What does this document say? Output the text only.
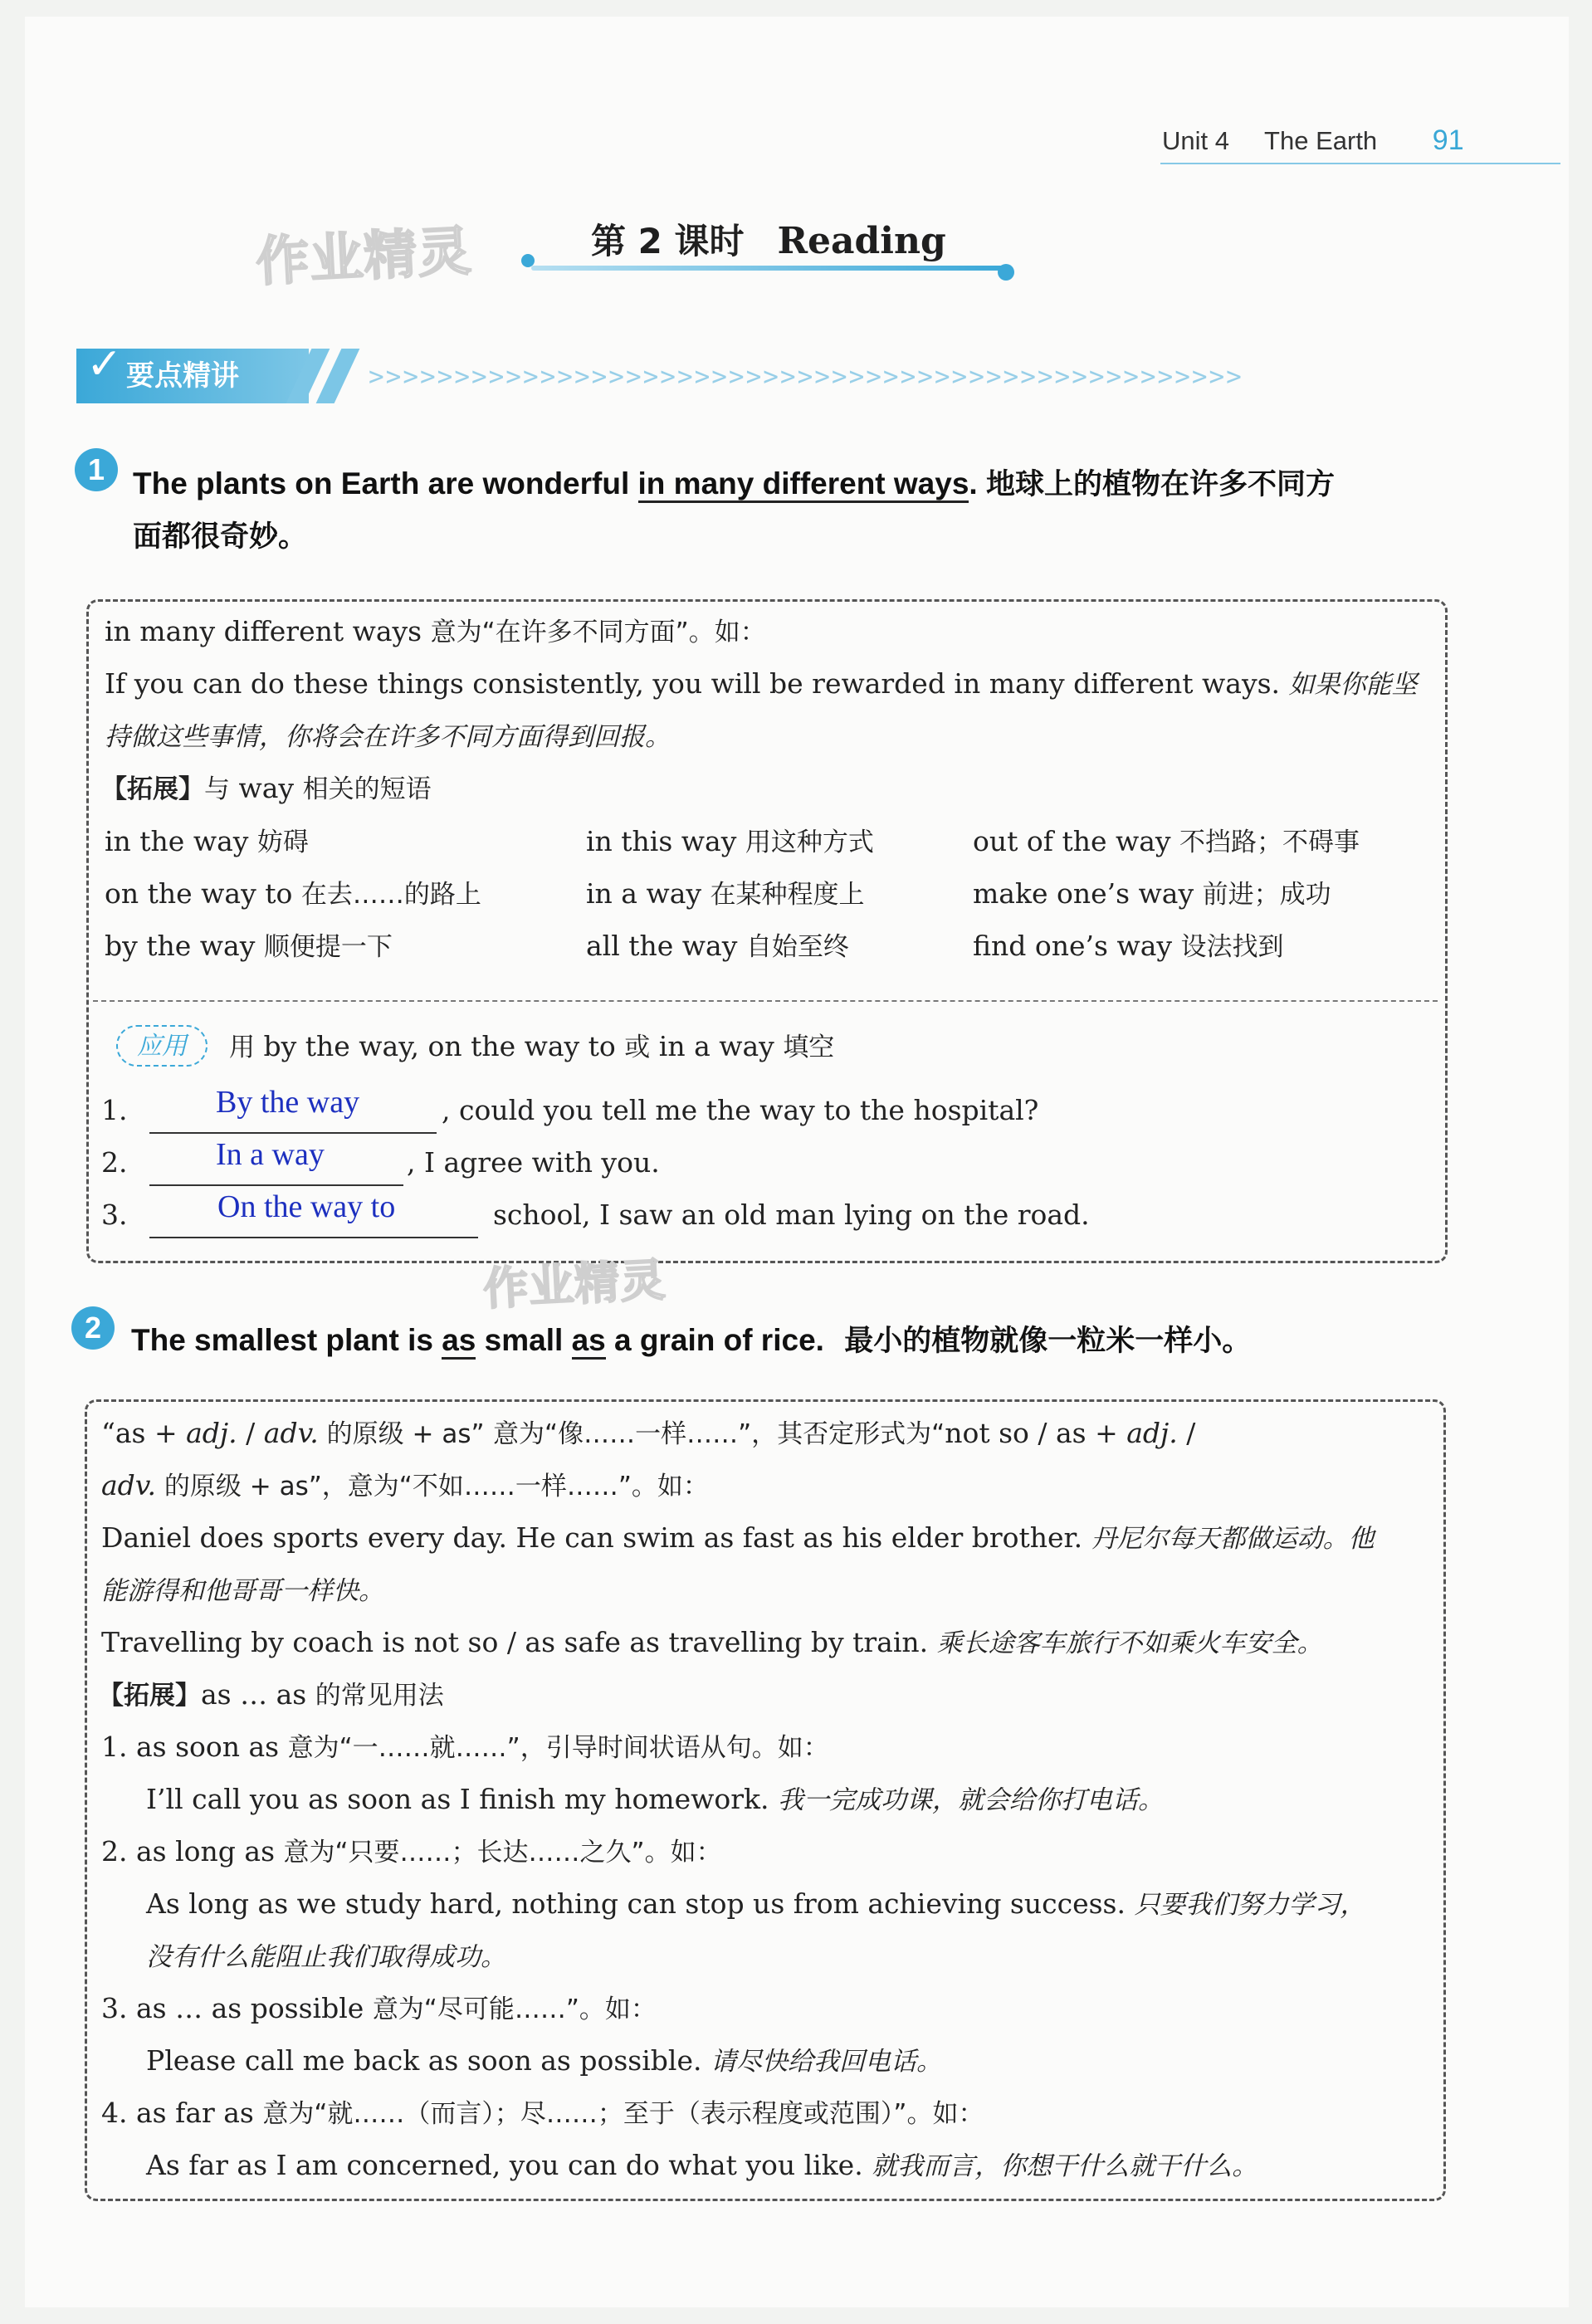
Unit 4 The Earth 91
作业精灵	第 2 课时 Reading
✓ 要点精讲	>>>>>>>>>>>>>>>>>>>>>>>>>>>>>>>>>>>>>>>>>>>>>>>>>>>
1 The plants on Earth are wonderful in many different ways. 地球上的植物在许多不同方
面都很奇妙。
in many different ways 意为“在许多不同方面”。如：
If you can do these things consistently, you will be rewarded in many different ways. 如果你能坚
持做这些事情，你将会在许多不同方面得到回报。
【拓展】与 way 相关的短语
in the way 妨碍	in this way 用这种方式	out of the way 不挡路；不碍事
on the way to 在去……的路上	in a way 在某种程度上	make one’s way 前进；成功
by the way 顺便提一下	all the way 自始至终	find one’s way 设法找到
应用	用 by the way, on the way to 或 in a way 填空
1.	By the way	, could you tell me the way to the hospital?
2.	In a way	, I agree with you.
3.	On the way to	school, I saw an old man lying on the road.
作业精灵
2 The smallest plant is as small as a grain of rice. 最小的植物就像一粒米一样小。
“as + adj. / adv. 的原级 + as” 意为“像……一样……”，其否定形式为“not so / as + adj. /
adv. 的原级 + as”，意为“不如……一样……”。如：
Daniel does sports every day. He can swim as fast as his elder brother. 丹尼尔每天都做运动。他
能游得和他哥哥一样快。
Travelling by coach is not so / as safe as travelling by train. 乘长途客车旅行不如乘火车安全。
【拓展】as … as 的常见用法
1. as soon as 意为“一……就……”，引导时间状语从句。如：
I’ll call you as soon as I finish my homework. 我一完成功课，就会给你打电话。
2. as long as 意为“只要……；长达……之久”。如：
As long as we study hard, nothing can stop us from achieving success. 只要我们努力学习，
没有什么能阻止我们取得成功。
3. as … as possible 意为“尽可能……”。如：
Please call me back as soon as possible. 请尽快给我回电话。
4. as far as 意为“就……（而言）；尽……；至于（表示程度或范围）”。如：
As far as I am concerned, you can do what you like. 就我而言，你想干什么就干什么。
